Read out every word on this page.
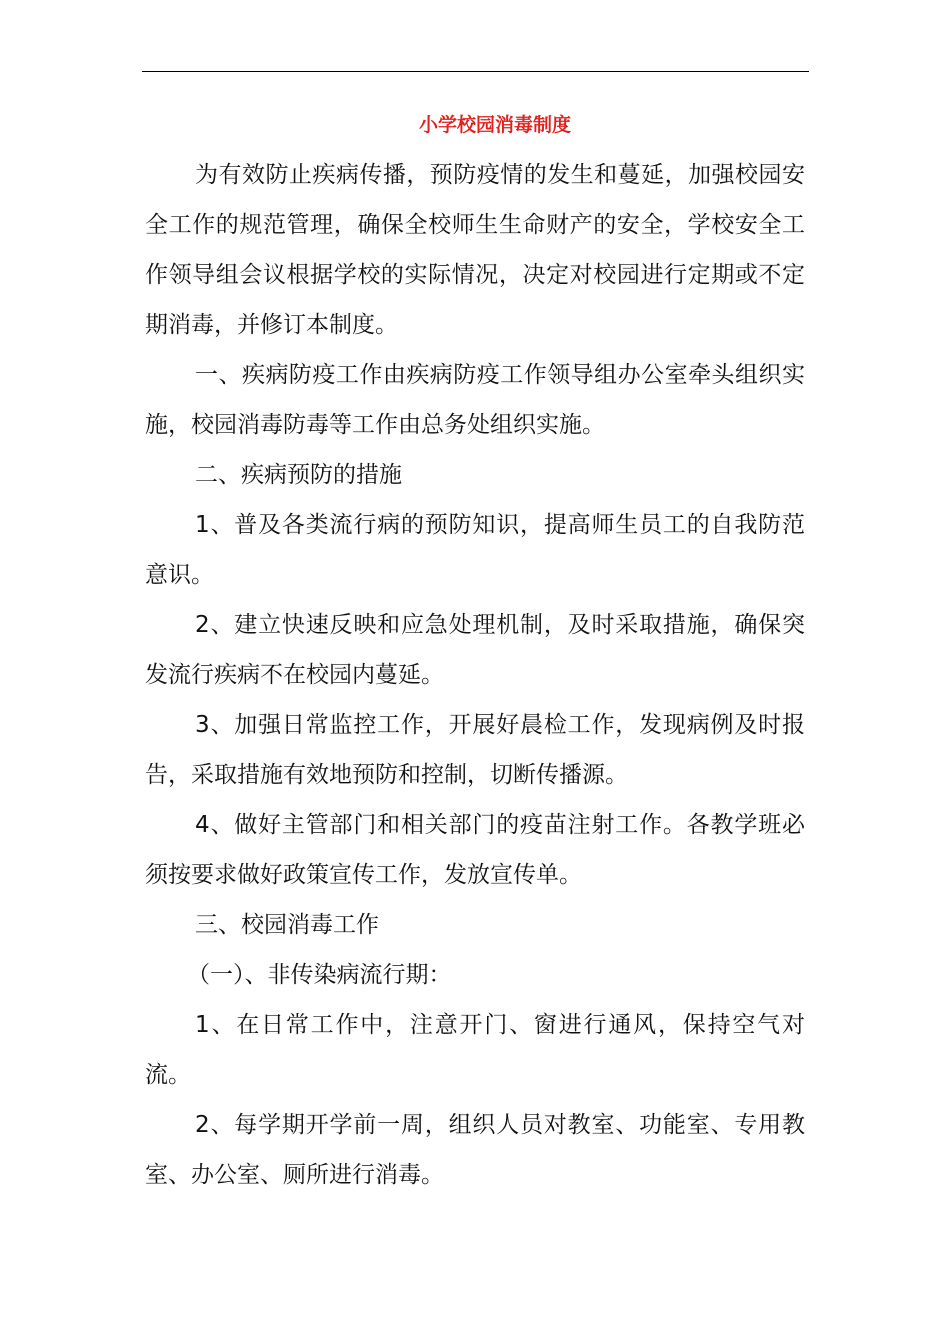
小学校园消毒制度

为有效防止疾病传播，预防疫情的发生和蔓延，加强校园安全工作的规范管理，确保全校师生生命财产的安全，学校安全工作领导组会议根据学校的实际情况，决定对校园进行定期或不定期消毒，并修订本制度。

一、疾病防疫工作由疾病防疫工作领导组办公室牵头组织实施，校园消毒防毒等工作由总务处组织实施。

二、疾病预防的措施

1、普及各类流行病的预防知识，提高师生员工的自我防范意识。

2、建立快速反映和应急处理机制，及时采取措施，确保突发流行疾病不在校园内蔓延。

3、加强日常监控工作，开展好晨检工作，发现病例及时报告，采取措施有效地预防和控制，切断传播源。

4、做好主管部门和相关部门的疫苗注射工作。各教学班必须按要求做好政策宣传工作，发放宣传单。

三、校园消毒工作

（一）、非传染病流行期：

1、在日常工作中，注意开门、窗进行通风，保持空气对流。

2、每学期开学前一周，组织人员对教室、功能室、专用教室、办公室、厕所进行消毒。
